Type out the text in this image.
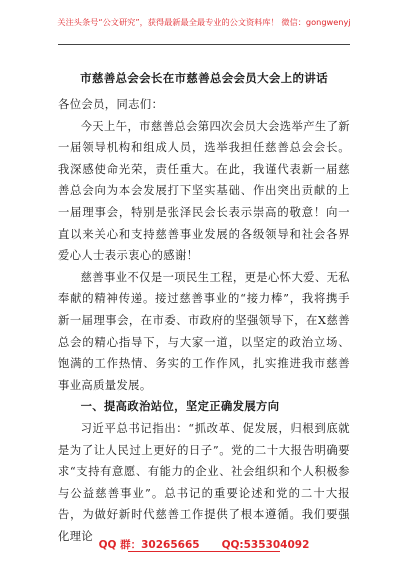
关注头条号“公文研究”，获得最新最全最专业的公文资料库！ 微信：gongwenyj
市慈善总会会长在市慈善总会会员大会上的讲话

各位会员，同志们：

今天上午，市慈善总会第四次会员大会选举产生了新一届领导机构和组成人员，选举我担任慈善总会会长。我深感使命光荣，责任重大。在此，我谨代表新一届慈善总会向为本会发展打下坚实基础、作出突出贡献的上一届理事会，特别是张泽民会长表示崇高的敬意！向一直以来关心和支持慈善事业发展的各级领导和社会各界爱心人士表示衷心的感谢！

慈善事业不仅是一项民生工程，更是心怀大爱、无私奉献的精神传递。接过慈善事业的“接力棒”，我将携手新一届理事会，在市委、市政府的坚强领导下，在X慈善总会的精心指导下，与大家一道，以坚定的政治立场、饱满的工作热情、务实的工作作风，扎实推进我市慈善事业高质量发展。

一、提高政治站位，坚定正确发展方向

习近平总书记指出：“抓改革、促发展，归根到底就是为了让人民过上更好的日子”。党的二十大报告明确要求“支持有意愿、有能力的企业、社会组织和个人积极参与公益慈善事业”。总书记的重要论述和党的二十大报告，为做好新时代慈善工作提供了根本遵循。我们要强化理论

QQ 群：30265665 QQ:535304092
